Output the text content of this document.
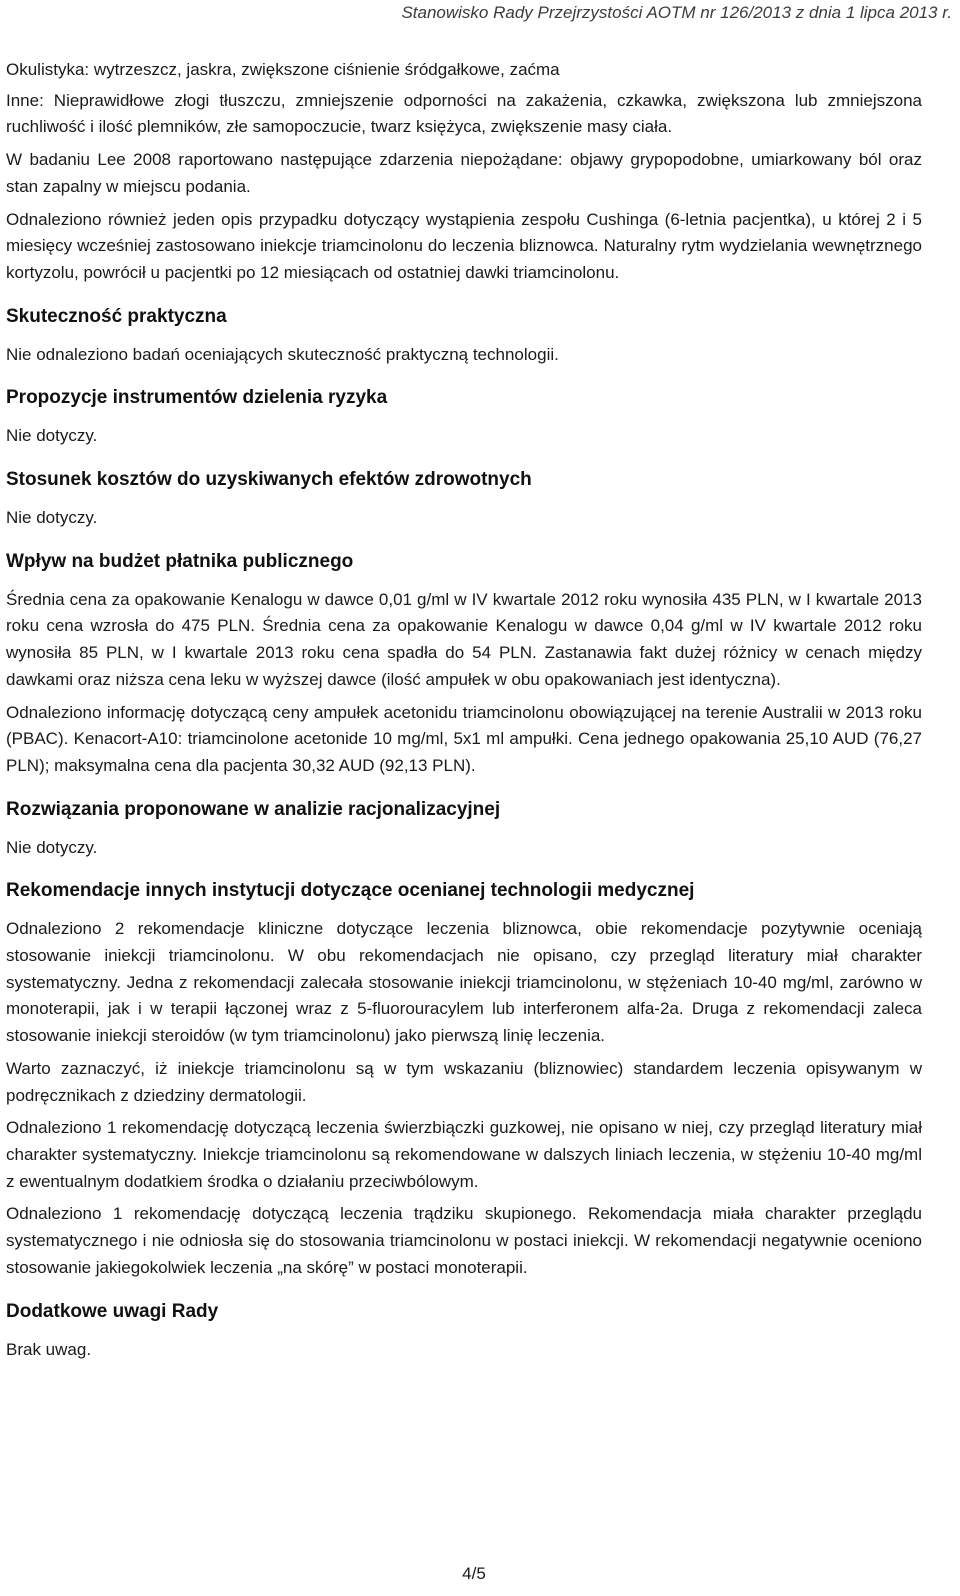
Stanowisko Rady Przejrzystości AOTM nr 126/2013 z dnia 1 lipca 2013 r.

Okulistyka: wytrzeszcz, jaskra, zwiększone ciśnienie śródgałkowe, zaćma

Inne: Nieprawidłowe złogi tłuszczu, zmniejszenie odporności na zakażenia, czkawka, zwiększona lub zmniejszona ruchliwość i ilość plemników, złe samopoczucie, twarz księżyca, zwiększenie masy ciała.

W badaniu Lee 2008 raportowano następujące zdarzenia niepożądane: objawy grypopodobne, umiarkowany ból oraz stan zapalny w miejscu podania.

Odnaleziono również jeden opis przypadku dotyczący wystąpienia zespołu Cushinga (6-letnia pacjentka), u której 2 i 5 miesięcy wcześniej zastosowano iniekcje triamcinolonu do leczenia bliznowca. Naturalny rytm wydzielania wewnętrznego kortyzolu, powrócił u pacjentki po 12 miesiącach od ostatniej dawki triamcinolonu.

Skuteczność praktyczna

Nie odnaleziono badań oceniających skuteczność praktyczną technologii.

Propozycje instrumentów dzielenia ryzyka

Nie dotyczy.

Stosunek kosztów do uzyskiwanych efektów zdrowotnych

Nie dotyczy.

Wpływ na budżet płatnika publicznego

Średnia cena za opakowanie Kenalogu w dawce 0,01 g/ml w IV kwartale 2012 roku wynosiła 435 PLN, w I kwartale 2013 roku cena wzrosła do 475 PLN. Średnia cena za opakowanie Kenalogu w dawce 0,04 g/ml w IV kwartale 2012 roku wynosiła 85 PLN, w I kwartale 2013 roku cena spadła do 54 PLN. Zastanawia fakt dużej różnicy w cenach między dawkami oraz niższa cena leku w wyższej dawce (ilość ampułek w obu opakowaniach jest identyczna).

Odnaleziono informację dotyczącą ceny ampułek acetonidu triamcinolonu obowiązującej na terenie Australii w 2013 roku (PBAC). Kenacort-A10: triamcinolone acetonide 10 mg/ml, 5x1 ml ampułki. Cena jednego opakowania 25,10 AUD (76,27 PLN); maksymalna cena dla pacjenta 30,32 AUD (92,13 PLN).

Rozwiązania proponowane w analizie racjonalizacyjnej

Nie dotyczy.

Rekomendacje innych instytucji dotyczące ocenianej technologii medycznej

Odnaleziono 2 rekomendacje kliniczne dotyczące leczenia bliznowca, obie rekomendacje pozytywnie oceniają stosowanie iniekcji triamcinolonu. W obu rekomendacjach nie opisano, czy przegląd literatury miał charakter systematyczny. Jedna z rekomendacji zalecała stosowanie iniekcji triamcinolonu, w stężeniach 10-40 mg/ml, zarówno w monoterapii, jak i w terapii łączonej wraz z 5-fluorouracylem lub interferonem alfa-2a. Druga z rekomendacji zaleca stosowanie iniekcji steroidów (w tym triamcinolonu) jako pierwszą linię leczenia.

Warto zaznaczyć, iż iniekcje triamcinolonu są w tym wskazaniu (bliznowiec) standardem leczenia opisywanym w podręcznikach z dziedziny dermatologii.

Odnaleziono 1 rekomendację dotyczącą leczenia świerzbiączki guzkowej, nie opisano w niej, czy przegląd literatury miał charakter systematyczny. Iniekcje triamcinolonu są rekomendowane w dalszych liniach leczenia, w stężeniu 10-40 mg/ml z ewentualnym dodatkiem środka o działaniu przeciwbólowym.

Odnaleziono 1 rekomendację dotyczącą leczenia trądziku skupionego. Rekomendacja miała charakter przeglądu systematycznego i nie odniosła się do stosowania triamcinolonu w postaci iniekcji. W rekomendacji negatywnie oceniono stosowanie jakiegokolwiek leczenia „na skórę” w postaci monoterapii.

Dodatkowe uwagi Rady

Brak uwag.

4/5
